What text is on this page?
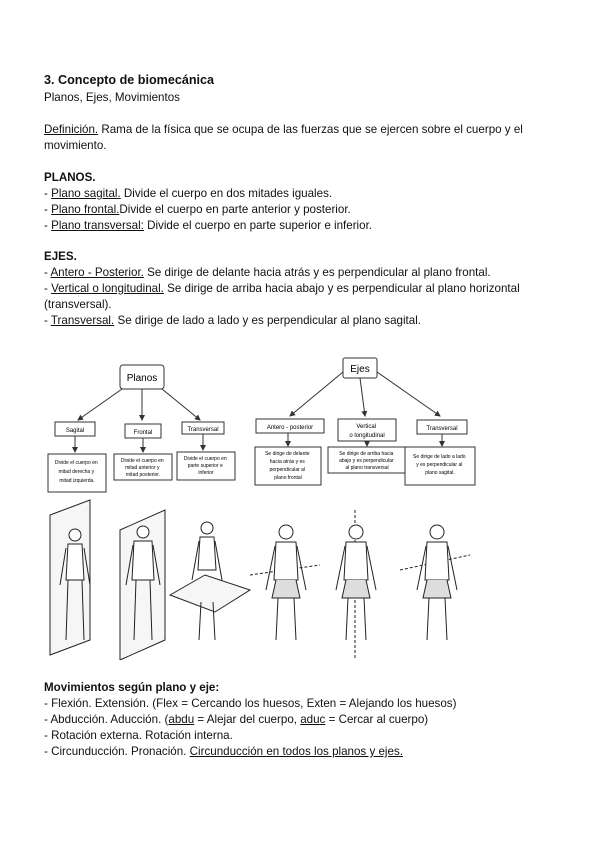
3. Concepto de biomecánica
Planos, Ejes, Movimientos
Definición. Rama de la física que se ocupa de las fuerzas que se ejercen sobre el cuerpo y el movimiento.
PLANOS.
- Plano sagital. Divide el cuerpo en dos mitades iguales.
- Plano frontal.Divide el cuerpo en parte anterior y posterior.
- Plano transversal: Divide el cuerpo en parte superior e inferior.
EJES.
- Antero - Posterior. Se dirige de delante hacia atrás y es perpendicular al plano frontal.
- Vertical o longitudinal. Se dirige de arriba hacia abajo y es perpendicular al plano horizontal (transversal).
- Transversal. Se dirige de lado a lado y es perpendicular al plano sagital.
Planos
Sagital	Frontal	Transversal
Divide el cuerpo en mitad derecha y mitad izquierda.
Divide el cuerpo en mitad anterior y mitad posterior.
Divide el cuerpo en parte superior e inferior
Ejes
Antero - posterior	Vertical o longitudinal
Transversal
Se dirige de delante hacia atrás y es perpendicular al plano frontal
Se dirige de arriba hacia abajo y es perpendicular al plano transversal
Se dirige de lado a lado y es perpendicular al plano sagital.
Movimientos según plano y eje:
- Flexión. Extensión. (Flex = Cercando los huesos, Exten = Alejando los huesos)
- Abducción. Aducción. (abdu = Alejar del cuerpo, aduc = Cercar al cuerpo)
- Rotación externa. Rotación interna.
- Circunducción. Pronación. Circunducción en todos los planos y ejes.
